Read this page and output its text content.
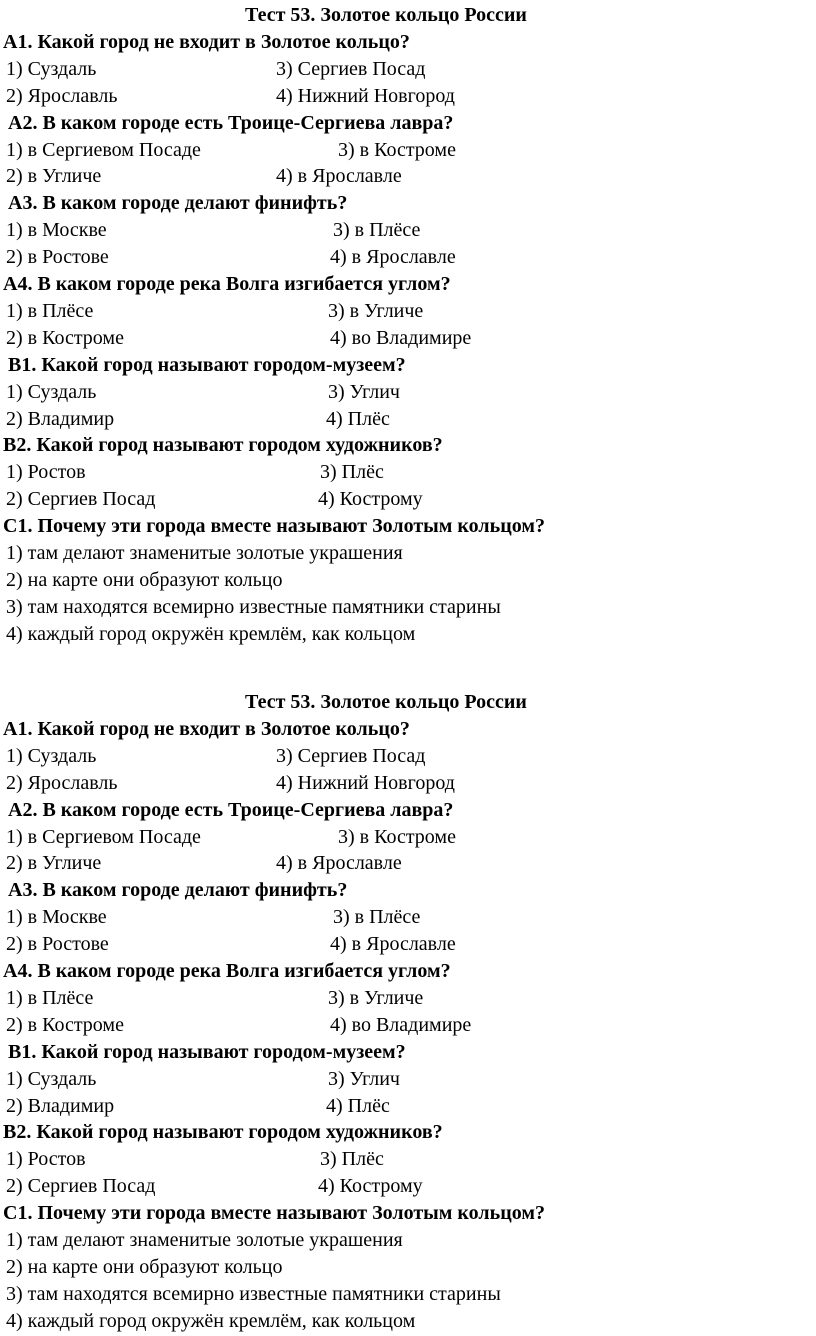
Тест 53. Золотое кольцо России
А1. Какой город не входит в Золотое кольцо?
1) Суздаль	3) Сергиев Посад
2) Ярославль	4) Нижний Новгород
А2. В каком городе есть Троице-Сергиева лавра?
1) в Сергиевом Посаде	3) в Костроме
2) в Угличе	4) в Ярославле
А3. В каком городе делают финифть?
1) в Москве	3) в Плёсе
2) в Ростове	4) в Ярославле
А4. В каком городе река Волга изгибается углом?
1) в Плёсе	3) в Угличе
2) в Костроме	4) во Владимире
В1. Какой город называют городом-музеем?
1) Суздаль	3) Углич
2) Владимир	4) Плёс
В2. Какой город называют городом художников?
1) Ростов	3) Плёс
2) Сергиев Посад	4) Кострому
С1. Почему эти города вместе называют Золотым кольцом?
1) там делают знаменитые золотые украшения
2) на карте они образуют кольцо
3) там находятся всемирно известные памятники старины
4) каждый город окружён кремлём, как кольцом
Тест 53. Золотое кольцо России
А1. Какой город не входит в Золотое кольцо?
1) Суздаль	3) Сергиев Посад
2) Ярославль	4) Нижний Новгород
А2. В каком городе есть Троице-Сергиева лавра?
1) в Сергиевом Посаде	3) в Костроме
2) в Угличе	4) в Ярославле
А3. В каком городе делают финифть?
1) в Москве	3) в Плёсе
2) в Ростове	4) в Ярославле
А4. В каком городе река Волга изгибается углом?
1) в Плёсе	3) в Угличе
2) в Костроме	4) во Владимире
В1. Какой город называют городом-музеем?
1) Суздаль	3) Углич
2) Владимир	4) Плёс
В2. Какой город называют городом художников?
1) Ростов	3) Плёс
2) Сергиев Посад	4) Кострому
С1. Почему эти города вместе называют Золотым кольцом?
1) там делают знаменитые золотые украшения
2) на карте они образуют кольцо
3) там находятся всемирно известные памятники старины
4) каждый город окружён кремлём, как кольцом
